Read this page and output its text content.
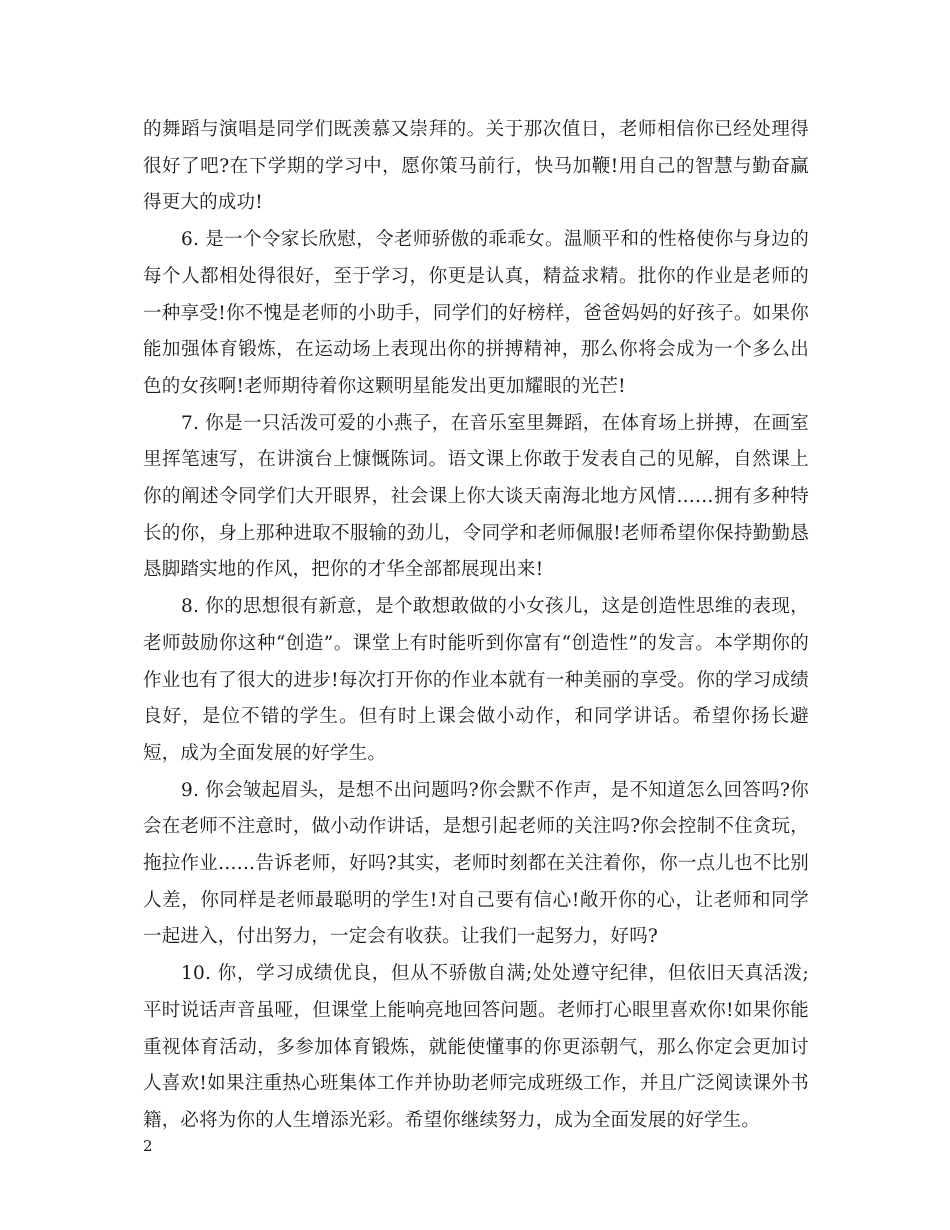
的舞蹈与演唱是同学们既羡慕又崇拜的。关于那次值日，老师相信你已经处理得很好了吧?在下学期的学习中，愿你策马前行，快马加鞭!用自己的智慧与勤奋赢得更大的成功!

6. 是一个令家长欣慰，令老师骄傲的乖乖女。温顺平和的性格使你与身边的每个人都相处得很好，至于学习，你更是认真，精益求精。批你的作业是老师的一种享受!你不愧是老师的小助手，同学们的好榜样，爸爸妈妈的好孩子。如果你能加强体育锻炼，在运动场上表现出你的拼搏精神，那么你将会成为一个多么出色的女孩啊!老师期待着你这颗明星能发出更加耀眼的光芒!

7. 你是一只活泼可爱的小燕子，在音乐室里舞蹈，在体育场上拼搏，在画室里挥笔速写，在讲演台上慷慨陈词。语文课上你敢于发表自己的见解，自然课上你的阐述令同学们大开眼界，社会课上你大谈天南海北地方风情……拥有多种特长的你，身上那种进取不服输的劲儿，令同学和老师佩服!老师希望你保持勤勤恳恳脚踏实地的作风，把你的才华全部都展现出来!

8. 你的思想很有新意，是个敢想敢做的小女孩儿，这是创造性思维的表现，老师鼓励你这种“创造”。课堂上有时能听到你富有“创造性”的发言。本学期你的作业也有了很大的进步!每次打开你的作业本就有一种美丽的享受。你的学习成绩良好，是位不错的学生。但有时上课会做小动作，和同学讲话。希望你扬长避短，成为全面发展的好学生。

9. 你会皱起眉头，是想不出问题吗?你会默不作声，是不知道怎么回答吗?你会在老师不注意时，做小动作讲话，是想引起老师的关注吗?你会控制不住贪玩，拖拉作业……告诉老师，好吗?其实，老师时刻都在关注着你，你一点儿也不比别人差，你同样是老师最聪明的学生!对自己要有信心!敞开你的心，让老师和同学一起进入，付出努力，一定会有收获。让我们一起努力，好吗?

10. 你，学习成绩优良，但从不骄傲自满;处处遵守纪律，但依旧天真活泼;平时说话声音虽哑，但课堂上能响亮地回答问题。老师打心眼里喜欢你!如果你能重视体育活动，多参加体育锻炼，就能使懂事的你更添朝气，那么你定会更加讨人喜欢!如果注重热心班集体工作并协助老师完成班级工作，并且广泛阅读课外书籍，必将为你的人生增添光彩。希望你继续努力，成为全面发展的好学生。

2
